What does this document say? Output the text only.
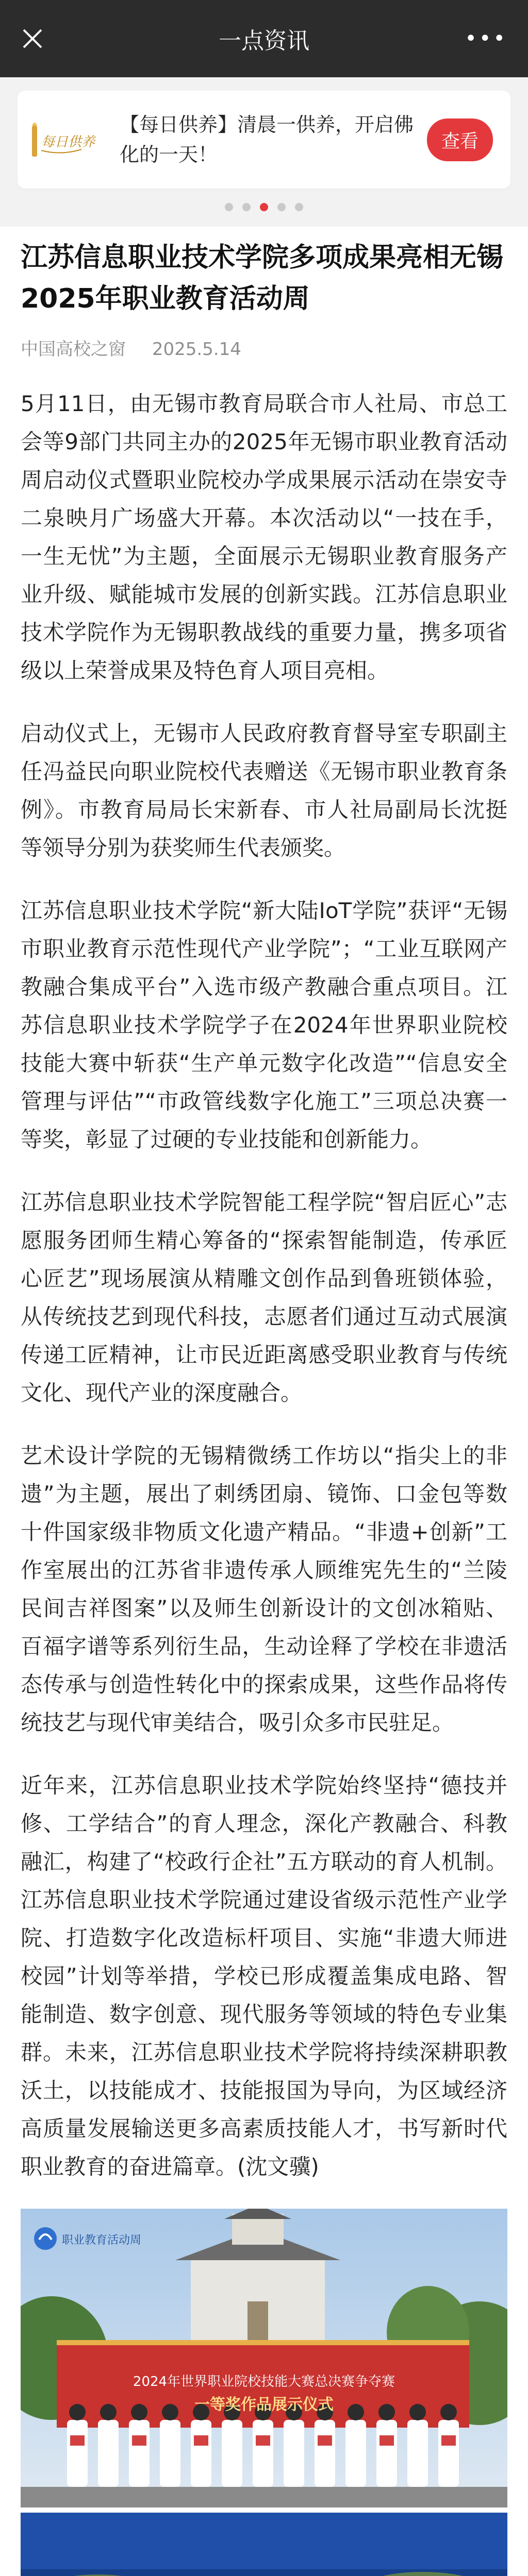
一点资讯	•••
每日供养
【每日供养】清晨一供养，开启佛化的一天！
查看
江苏信息职业技术学院多项成果亮相无锡2025年职业教育活动周
中国高校之窗 2025.5.14

5月11日，由无锡市教育局联合市人社局、市总工会等9部门共同主办的2025年无锡市职业教育活动周启动仪式暨职业院校办学成果展示活动在崇安寺二泉映月广场盛大开幕。本次活动以“一技在手，一生无忧”为主题，全面展示无锡职业教育服务产业升级、赋能城市发展的创新实践。江苏信息职业技术学院作为无锡职教战线的重要力量，携多项省级以上荣誉成果及特色育人项目亮相。

启动仪式上，无锡市人民政府教育督导室专职副主任冯益民向职业院校代表赠送《无锡市职业教育条例》。市教育局局长宋新春、市人社局副局长沈挺等领导分别为获奖师生代表颁奖。

江苏信息职业技术学院“新大陆IoT学院”获评“无锡市职业教育示范性现代产业学院”；“工业互联网产教融合集成平台”入选市级产教融合重点项目。江苏信息职业技术学院学子在2024年世界职业院校技能大赛中斩获“生产单元数字化改造”“信息安全管理与评估”“市政管线数字化施工”三项总决赛一等奖，彰显了过硬的专业技能和创新能力。

江苏信息职业技术学院智能工程学院“智启匠心”志愿服务团师生精心筹备的“探索智能制造，传承匠心匠艺”现场展演从精雕文创作品到鲁班锁体验，从传统技艺到现代科技，志愿者们通过互动式展演传递工匠精神，让市民近距离感受职业教育与传统文化、现代产业的深度融合。

艺术设计学院的无锡精微绣工作坊以“指尖上的非遗”为主题，展出了刺绣团扇、镜饰、口金包等数十件国家级非物质文化遗产精品。“非遗+创新”工作室展出的江苏省非遗传承人顾维宪先生的“兰陵民间吉祥图案”以及师生创新设计的文创冰箱贴、百福字谱等系列衍生品，生动诠释了学校在非遗活态传承与创造性转化中的探索成果，这些作品将传统技艺与现代审美结合，吸引众多市民驻足。

近年来，江苏信息职业技术学院始终坚持“德技并修、工学结合”的育人理念，深化产教融合、科教融汇，构建了“校政行企社”五方联动的育人机制。江苏信息职业技术学院通过建设省级示范性产业学院、打造数字化改造标杆项目、实施“非遗大师进校园”计划等举措，学校已形成覆盖集成电路、智能制造、数字创意、现代服务等领域的特色专业集群。未来，江苏信息职业技术学院将持续深耕职教沃土，以技能成才、技能报国为导向，为区域经济高质量发展输送更多高素质技能人才，书写新时代职业教育的奋进篇章。(沈文骥)

职业教育活动周
2024年世界职业院校技能大赛总决赛争夺赛
一等奖作品展示仪式
